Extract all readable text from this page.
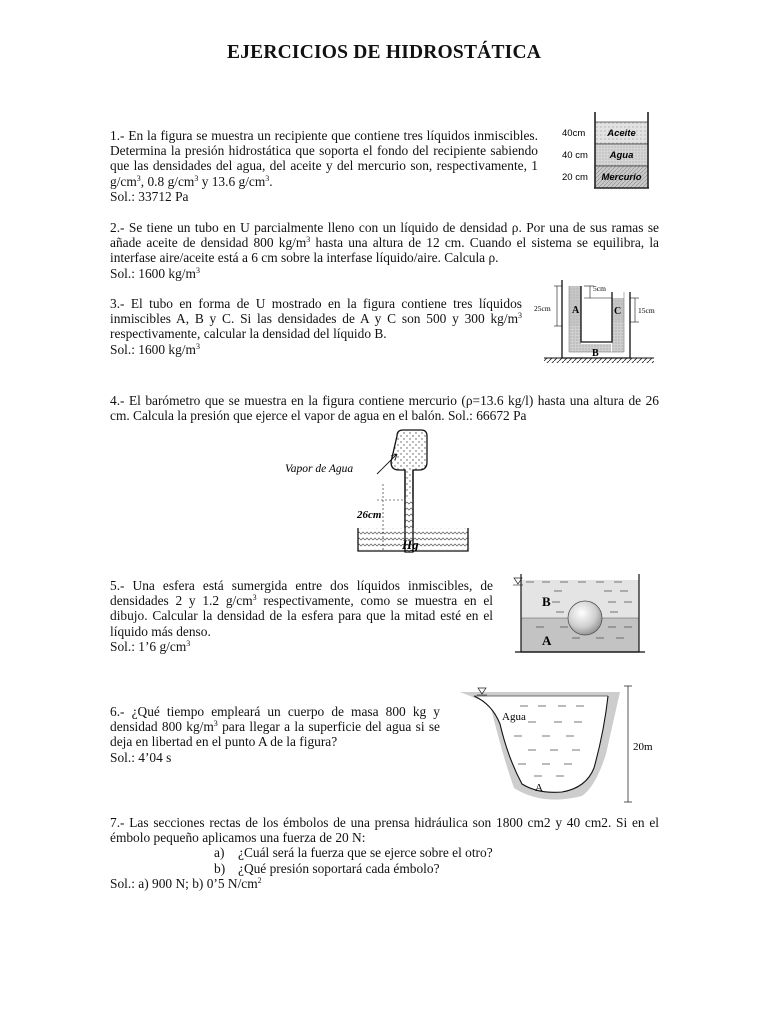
EJERCICIOS DE HIDROSTÁTICA

1.- En la figura se muestra un recipiente que contiene tres líquidos inmiscibles. Determina la presión hidrostática que soporta el fondo del recipiente sabiendo que las densidades del agua, del aceite y del mercurio son, respectivamente, 1 $g/cm^3$, 0.8 $g/cm^3$ y 13.6 $g/cm^3$.

Sol.: 33712 Pa

40cm
40 cm
20 cm
Aceite
Agua
Mercurio

2.- Se tiene un tubo en U parcialmente lleno con un líquido de densidad ρ. Por una de sus ramas se añade aceite de densidad 800 $kg/m^3$ hasta una altura de 12 cm. Cuando el sistema se equilibra, la interfase aire/aceite está a 6 cm sobre la interfase líquido/aire. Calcula ρ.

Sol.: 1600 $kg/m^3$

3.- El tubo en forma de U mostrado en la figura contiene tres líquidos inmiscibles A, B y C. Si las densidades de A y C son 500 y 300 $kg/m^3$ respectivamente, calcular la densidad del líquido B.

Sol.: 1600 $kg/m^3$

25cm
5cm
15cm
A	C
B

4.- El barómetro que se muestra en la figura contiene mercurio (ρ=13.6 kg/l) hasta una altura de 26 cm. Calcula la presión que ejerce el vapor de agua en el balón. Sol.: 66672 Pa

Vapor de Agua
26cm
Hg

5.- Una esfera está sumergida entre dos líquidos inmiscibles, de densidades 2 y 1.2 $g/cm^3$ respectivamente, como se muestra en el dibujo. Calcular la densidad de la esfera para que la mitad esté en el líquido más denso.

Sol.: 1’6 $g/cm^3$

B
A

6.- ¿Qué tiempo empleará un cuerpo de masa 800 kg y densidad 800 $kg/m^3$ para llegar a la superficie del agua si se deja en libertad en el punto A de la figura?

Sol.: 4’04 s

Agua
A
20m

7.- Las secciones rectas de los émbolos de una prensa hidráulica son 1800 cm2 y 40 cm2. Si en el émbolo pequeño aplicamos una fuerza de 20 N:

a)	¿Cuál será la fuerza que se ejerce sobre el otro?
b) ¿Qué presión soportará cada émbolo?

Sol.: a) 900 N; b) 0’5 $N/cm^2$
